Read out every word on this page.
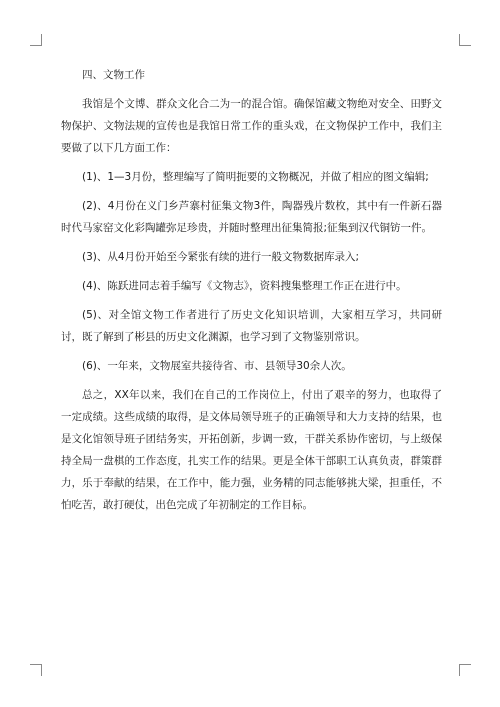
四、文物工作

我馆是个文博、群众文化合二为一的混合馆。确保馆藏文物绝对安全、田野文物保护、文物法规的宣传也是我馆日常工作的重头戏，在文物保护工作中，我们主要做了以下几方面工作：

(1)、1—3月份，整理编写了简明扼要的文物概况，并做了相应的图文编辑;

(2)、4月份在义门乡芦寨村征集文物3件，陶器残片数枚，其中有一件新石器时代马家窑文化彩陶罐弥足珍贵，并随时整理出征集简报;征集到汉代铜钫一件。

(3)、从4月份开始至今紧张有续的进行一般文物数据库录入;

(4)、陈跃进同志着手编写《文物志》，资料搜集整理工作正在进行中。

(5)、对全馆文物工作者进行了历史文化知识培训，大家相互学习，共同研讨，既了解到了彬县的历史文化渊源，也学习到了文物鉴别常识。

(6)、一年来，文物展室共接待省、市、县领导30余人次。

总之，XX年以来，我们在自己的工作岗位上，付出了艰辛的努力，也取得了一定成绩。这些成绩的取得，是文体局领导班子的正确领导和大力支持的结果，也是文化馆领导班子团结务实，开拓创新，步调一致，干群关系协作密切，与上级保持全局一盘棋的工作态度，扎实工作的结果。更是全体干部职工认真负责，群策群力，乐于奉献的结果，在工作中，能力强，业务精的同志能够挑大梁，担重任，不怕吃苦，敢打硬仗，出色完成了年初制定的工作目标。
